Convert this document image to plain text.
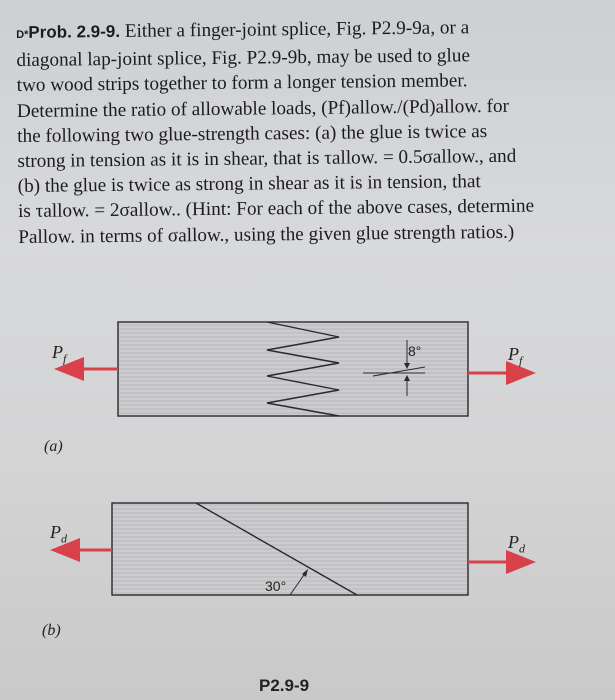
D*Prob. 2.9-9. Either a finger-joint splice, Fig. P2.9-9a, or a
diagonal lap-joint splice, Fig. P2.9-9b, may be used to glue
two wood strips together to form a longer tension member.
Determine the ratio of allowable loads, (Pf)allow./(Pd)allow. for
the following two glue-strength cases: (a) the glue is twice as
strong in tension as it is in shear, that is τallow. = 0.5σallow., and
(b) the glue is twice as strong in shear as it is in tension, that
is τallow. = 2σallow.. (Hint: For each of the above cases, determine
Pallow. in terms of σallow., using the given glue strength ratios.)
$P_f$	$P_f$
8°
(a)
$P_d$	$P_d$
30°
(b)
P2.9-9
